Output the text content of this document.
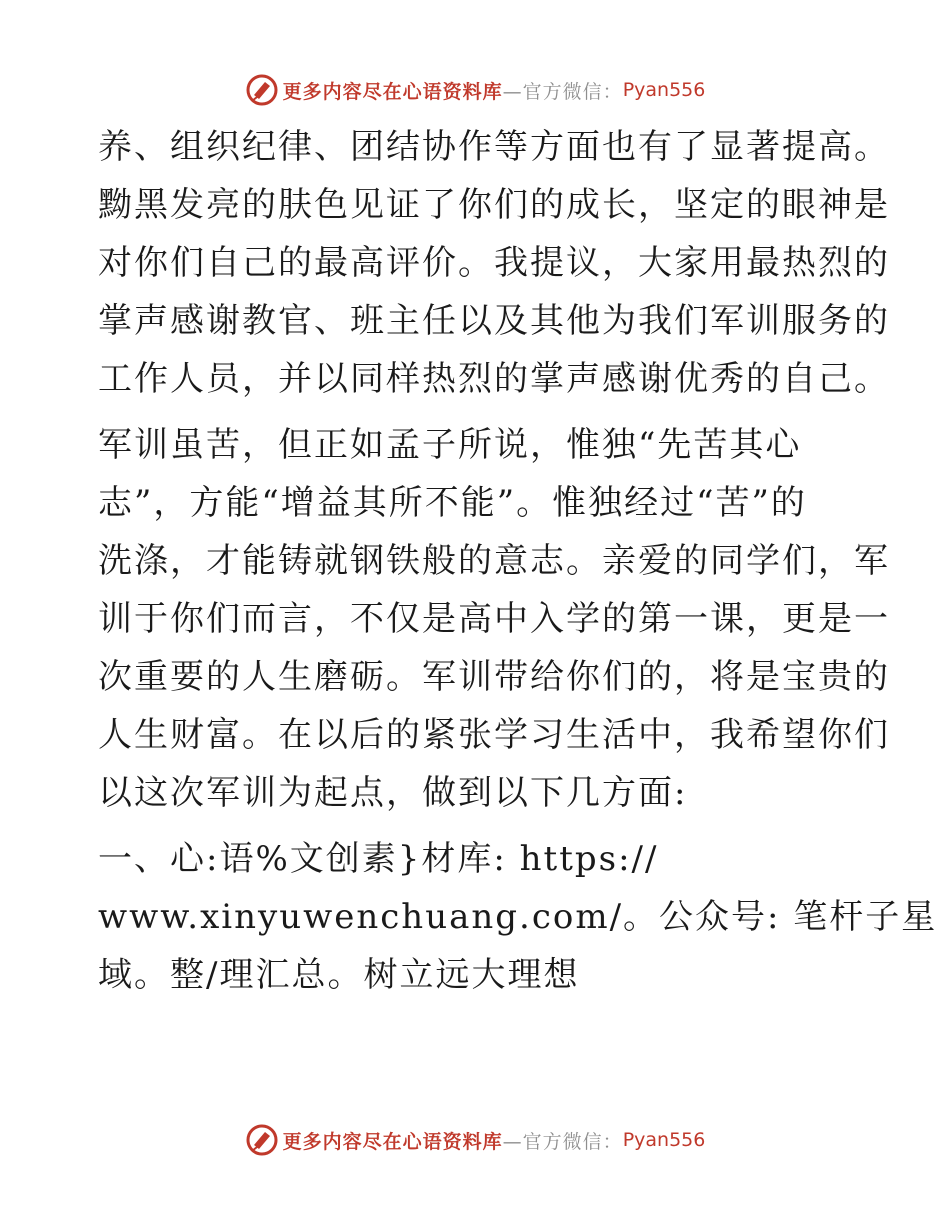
更多内容尽在心语资料库 —官方微信： Pyan556
养、组织纪律、团结协作等方面也有了显著提高。
黝黑发亮的肤色见证了你们的成长，坚定的眼神是
对你们自己的最高评价。我提议，大家用最热烈的
掌声感谢教官、班主任以及其他为我们军训服务的
工作人员，并以同样热烈的掌声感谢优秀的自己。
军训虽苦，但正如孟子所说，惟独“先苦其心
志”，方能“增益其所不能”。惟独经过“苦”的
洗涤，才能铸就钢铁般的意志。亲爱的同学们，军
训于你们而言，不仅是高中入学的第一课，更是一
次重要的人生磨砺。军训带给你们的，将是宝贵的
人生财富。在以后的紧张学习生活中，我希望你们
以这次军训为起点，做到以下几方面:
一、心:语%文创素}材库: https://
www.xinyuwenchuang.com/。公众号: 笔杆子星
域。整/理汇总。树立远大理想
更多内容尽在心语资料库 —官方微信： Pyan556
